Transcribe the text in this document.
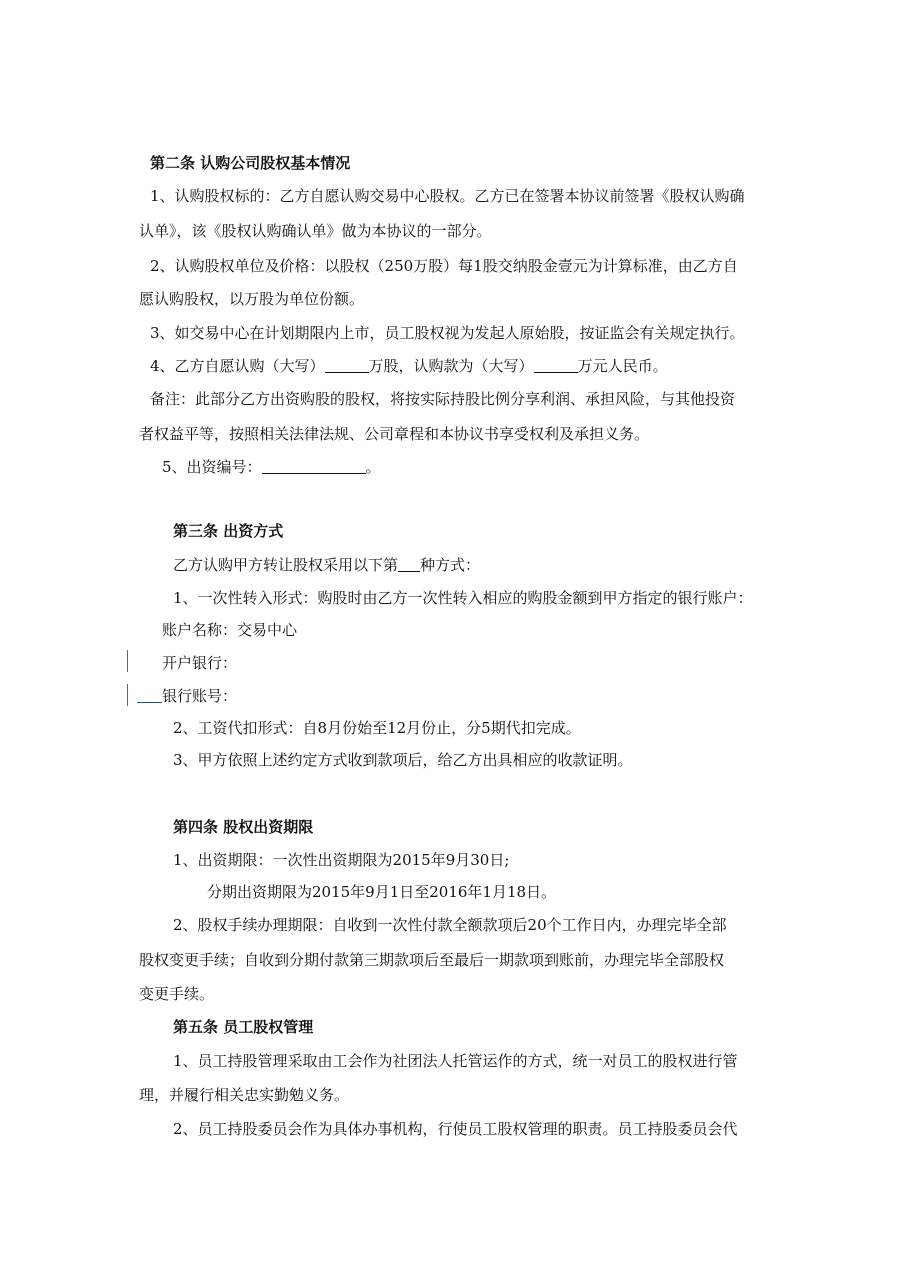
第二条 认购公司股权基本情况
1、认购股权标的：乙方自愿认购交易中心股权。乙方已在签署本协议前签署《股权认购确
认单》，该《股权认购确认单》做为本协议的一部分。
2、认购股权单位及价格：以股权（250万股）每1股交纳股金壹元为计算标准，由乙方自
愿认购股权，以万股为单位份额。
3、如交易中心在计划期限内上市，员工股权视为发起人原始股，按证监会有关规定执行。
4、乙方自愿认购（大写）	万股，认购款为（大写）	万元人民币。
备注：此部分乙方出资购股的股权，将按实际持股比例分享利润、承担风险，与其他投资
者权益平等，按照相关法律法规、公司章程和本协议书享受权利及承担义务。
5、出资编号：	。
第三条 出资方式
乙方认购甲方转让股权采用以下第 种方式：
1、一次性转入形式：购股时由乙方一次性转入相应的购股金额到甲方指定的银行账户：
账户名称：交易中心
开户银行：
银行账号：
2、工资代扣形式：自8月份始至12月份止，分5期代扣完成。
3、甲方依照上述约定方式收到款项后，给乙方出具相应的收款证明。
第四条 股权出资期限
1、出资期限：一次性出资期限为2015年9月30日;
分期出资期限为2015年9月1日至2016年1月18日。
2、股权手续办理期限：自收到一次性付款全额款项后20个工作日内，办理完毕全部
股权变更手续；自收到分期付款第三期款项后至最后一期款项到账前，办理完毕全部股权
变更手续。
第五条 员工股权管理
1、员工持股管理采取由工会作为社团法人托管运作的方式，统一对员工的股权进行管
理，并履行相关忠实勤勉义务。
2、员工持股委员会作为具体办事机构，行使员工股权管理的职责。员工持股委员会代
